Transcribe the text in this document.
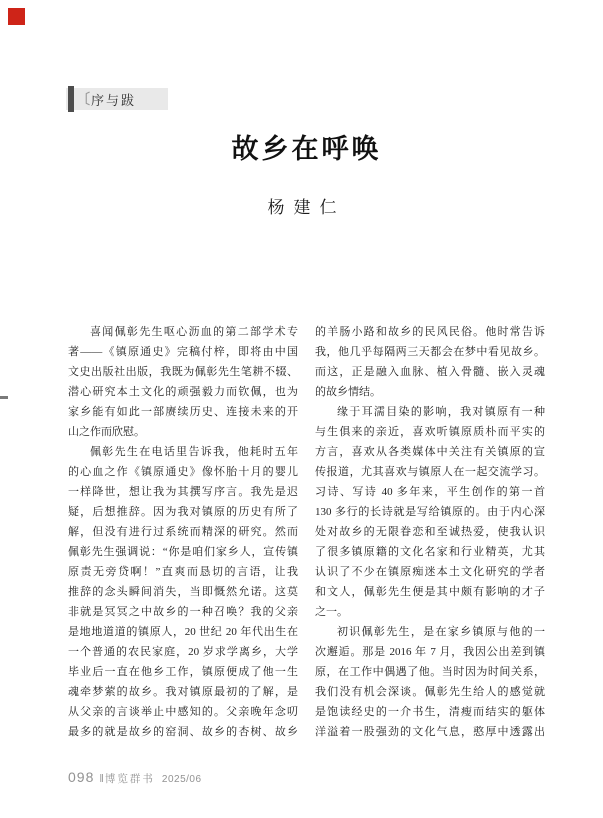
〔 序与跋
故乡在呼唤
杨建仁
喜闻佩彰先生呕心沥血的第二部学术专
著——《镇原通史》完稿付梓，即将由中国
文史出版社出版，我既为佩彰先生笔耕不辍、
潜心研究本土文化的顽强毅力而钦佩，也为
家乡能有如此一部赓续历史、连接未来的开
山之作而欣慰。
佩彰先生在电话里告诉我，他耗时五年
的心血之作《镇原通史》像怀胎十月的婴儿
一样降世，想让我为其撰写序言。我先是迟
疑，后想推辞。因为我对镇原的历史有所了
解，但没有进行过系统而精深的研究。然而
佩彰先生强调说：“你是咱们家乡人，宣传镇
原责无旁贷啊！”直爽而恳切的言语，让我
推辞的念头瞬间消失，当即慨然允诺。这莫
非就是冥冥之中故乡的一种召唤？我的父亲
是地地道道的镇原人，20 世纪 20 年代出生在
一个普通的农民家庭，20 岁求学离乡，大学
毕业后一直在他乡工作，镇原便成了他一生
魂牵梦萦的故乡。我对镇原最初的了解，是
从父亲的言谈举止中感知的。父亲晚年念叨
最多的就是故乡的窑洞、故乡的杏树、故乡
的羊肠小路和故乡的民风民俗。他时常告诉
我，他几乎每隔两三天都会在梦中看见故乡。
而这，正是融入血脉、植入骨髓、嵌入灵魂
的故乡情结。
缘于耳濡目染的影响，我对镇原有一种
与生俱来的亲近，喜欢听镇原质朴而平实的
方言，喜欢从各类媒体中关注有关镇原的宣
传报道，尤其喜欢与镇原人在一起交流学习。
习诗、写诗 40 多年来，平生创作的第一首
130 多行的长诗就是写给镇原的。由于内心深
处对故乡的无限眷恋和至诚热爱，使我认识
了很多镇原籍的文化名家和行业精英，尤其
认识了不少在镇原痴迷本土文化研究的学者
和文人，佩彰先生便是其中颇有影响的才子
之一。
初识佩彰先生，是在家乡镇原与他的一
次邂逅。那是 2016 年 7 月，我因公出差到镇
原，在工作中偶遇了他。当时因为时间关系，
我们没有机会深谈。佩彰先生给人的感觉就
是饱读经史的一介书生，清瘦而结实的躯体
洋溢着一股强劲的文化气息，憨厚中透露出
098 ‖ 博览群书 2025/06
